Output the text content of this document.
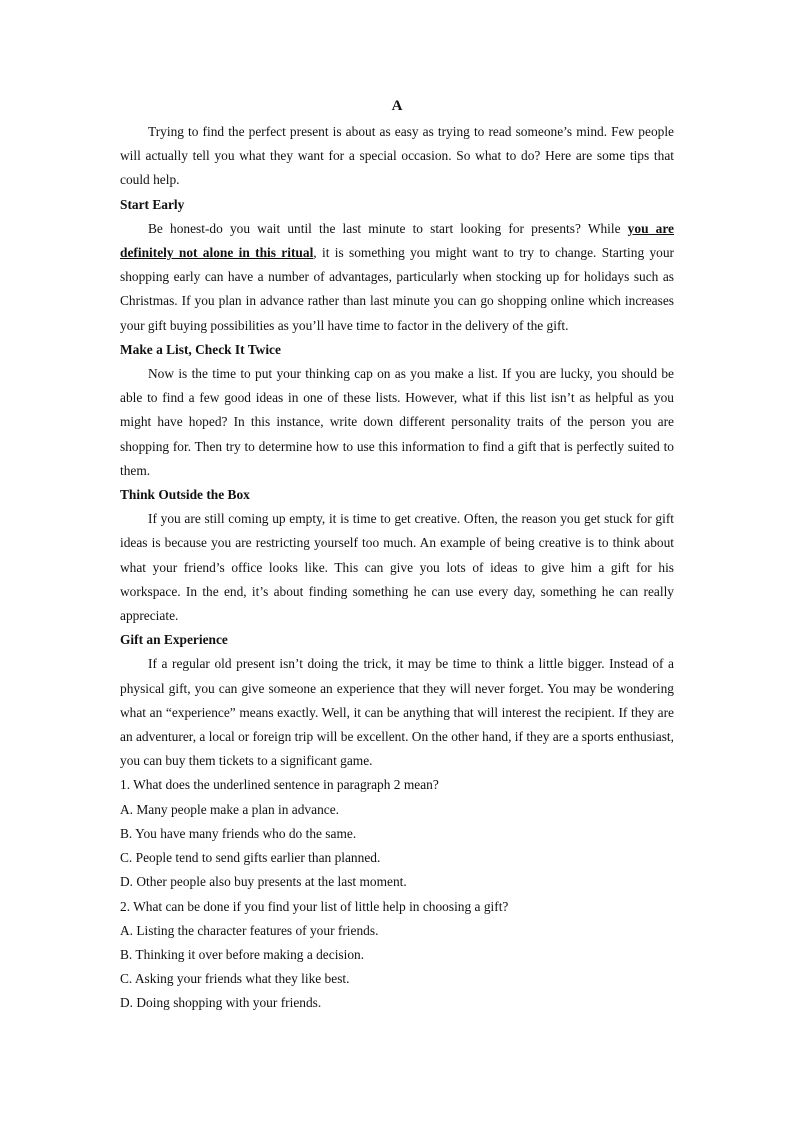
A

Trying to find the perfect present is about as easy as trying to read someone’s mind. Few people will actually tell you what they want for a special occasion. So what to do? Here are some tips that could help.

Start Early

Be honest-do you wait until the last minute to start looking for presents? While you are definitely not alone in this ritual, it is something you might want to try to change. Starting your shopping early can have a number of advantages, particularly when stocking up for holidays such as Christmas. If you plan in advance rather than last minute you can go shopping online which increases your gift buying possibilities as you’ll have time to factor in the delivery of the gift.

Make a List, Check It Twice

Now is the time to put your thinking cap on as you make a list. If you are lucky, you should be able to find a few good ideas in one of these lists. However, what if this list isn’t as helpful as you might have hoped? In this instance, write down different personality traits of the person you are shopping for. Then try to determine how to use this information to find a gift that is perfectly suited to them.

Think Outside the Box

If you are still coming up empty, it is time to get creative. Often, the reason you get stuck for gift ideas is because you are restricting yourself too much. An example of being creative is to think about what your friend’s office looks like. This can give you lots of ideas to give him a gift for his workspace. In the end, it’s about finding something he can use every day, something he can really appreciate.

Gift an Experience

If a regular old present isn’t doing the trick, it may be time to think a little bigger. Instead of a physical gift, you can give someone an experience that they will never forget. You may be wondering what an “experience” means exactly. Well, it can be anything that will interest the recipient. If they are an adventurer, a local or foreign trip will be excellent. On the other hand, if they are a sports enthusiast, you can buy them tickets to a significant game.

1. What does the underlined sentence in paragraph 2 mean?
A. Many people make a plan in advance.
B. You have many friends who do the same.
C. People tend to send gifts earlier than planned.
D. Other people also buy presents at the last moment.
2. What can be done if you find your list of little help in choosing a gift?
A. Listing the character features of your friends.
B. Thinking it over before making a decision.
C. Asking your friends what they like best.
D. Doing shopping with your friends.
